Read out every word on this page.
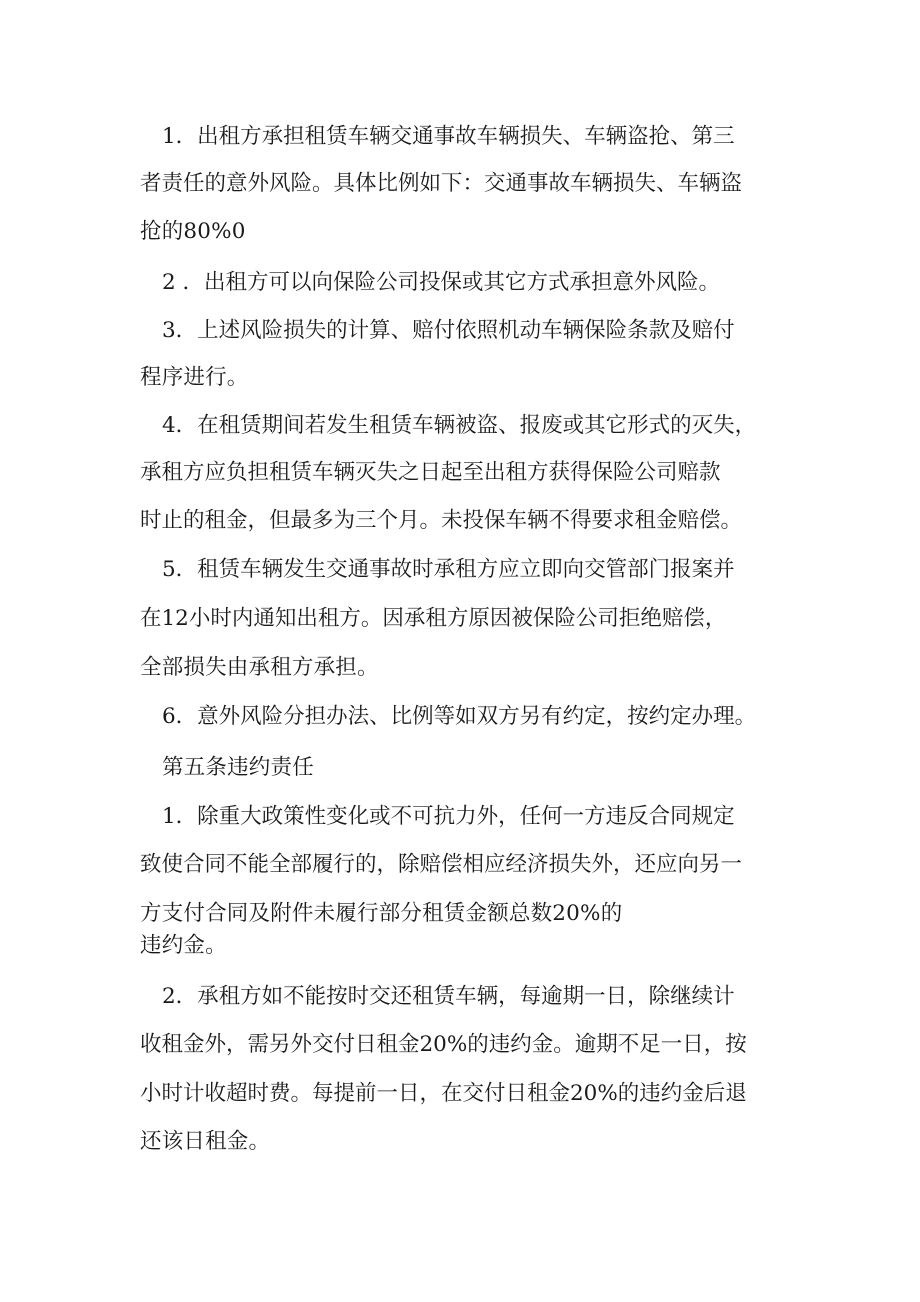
1．出租方承担租赁车辆交通事故车辆损失、车辆盗抢、第三
者责任的意外风险。具体比例如下：交通事故车辆损失、车辆盗
抢的80%0
2 ．出租方可以向保险公司投保或其它方式承担意外风险。
3．上述风险损失的计算、赔付依照机动车辆保险条款及赔付
程序进行。
4．在租赁期间若发生租赁车辆被盗、报废或其它形式的灭失，
承租方应负担租赁车辆灭失之日起至出租方获得保险公司赔款
时止的租金，但最多为三个月。未投保车辆不得要求租金赔偿。
5．租赁车辆发生交通事故时承租方应立即向交管部门报案并
在12小时内通知出租方。因承租方原因被保险公司拒绝赔偿，
全部损失由承租方承担。
6．意外风险分担办法、比例等如双方另有约定，按约定办理。
第五条违约责任
1．除重大政策性变化或不可抗力外，任何一方违反合同规定
致使合同不能全部履行的，除赔偿相应经济损失外，还应向另一
方支付合同及附件未履行部分租赁金额总数20%的
违约金。
2．承租方如不能按时交还租赁车辆，每逾期一日，除继续计
收租金外，需另外交付日租金20%的违约金。逾期不足一日，按
小时计收超时费。每提前一日，在交付日租金20%的违约金后退
还该日租金。
